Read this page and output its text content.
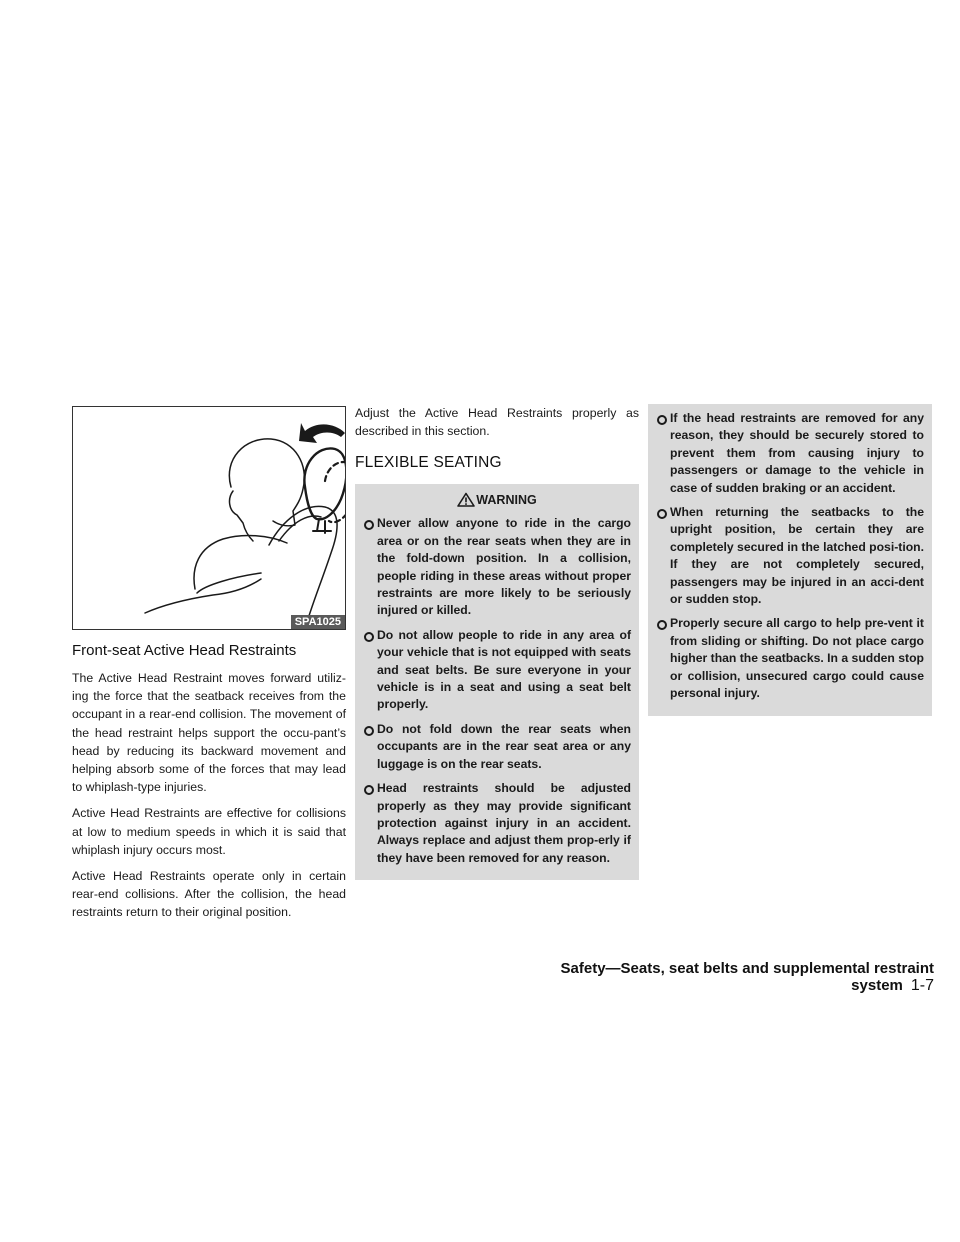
SPA1025
Front-seat Active Head Restraints

The Active Head Restraint moves forward utiliz-ing the force that the seatback receives from the occupant in a rear-end collision. The movement of the head restraint helps support the occu-pant’s head by reducing its backward movement and helping absorb some of the forces that may lead to whiplash-type injuries.

Active Head Restraints are effective for collisions at low to medium speeds in which it is said that whiplash injury occurs most.

Active Head Restraints operate only in certain rear-end collisions. After the collision, the head restraints return to their original position.

Adjust the Active Head Restraints properly as described in this section.

FLEXIBLE SEATING
WARNING
Never allow anyone to ride in the cargo area or on the rear seats when they are in the fold-down position. In a collision, people riding in these areas without proper restraints are more likely to be seriously injured or killed.
Do not allow people to ride in any area of your vehicle that is not equipped with seats and seat belts. Be sure everyone in your vehicle is in a seat and using a seat belt properly.
Do not fold down the rear seats when occupants are in the rear seat area or any luggage is on the rear seats.
Head restraints should be adjusted properly as they may provide significant protection against injury in an accident. Always replace and adjust them prop-erly if they have been removed for any reason.
If the head restraints are removed for any reason, they should be securely stored to prevent them from causing injury to passengers or damage to the vehicle in case of sudden braking or an accident.
When returning the seatbacks to the upright position, be certain they are completely secured in the latched posi-tion. If they are not completely secured, passengers may be injured in an acci-dent or sudden stop.
Properly secure all cargo to help pre-vent it from sliding or shifting. Do not place cargo higher than the seatbacks. In a sudden stop or collision, unsecured cargo could cause personal injury.
Safety—Seats, seat belts and supplemental restraint system 1-7
